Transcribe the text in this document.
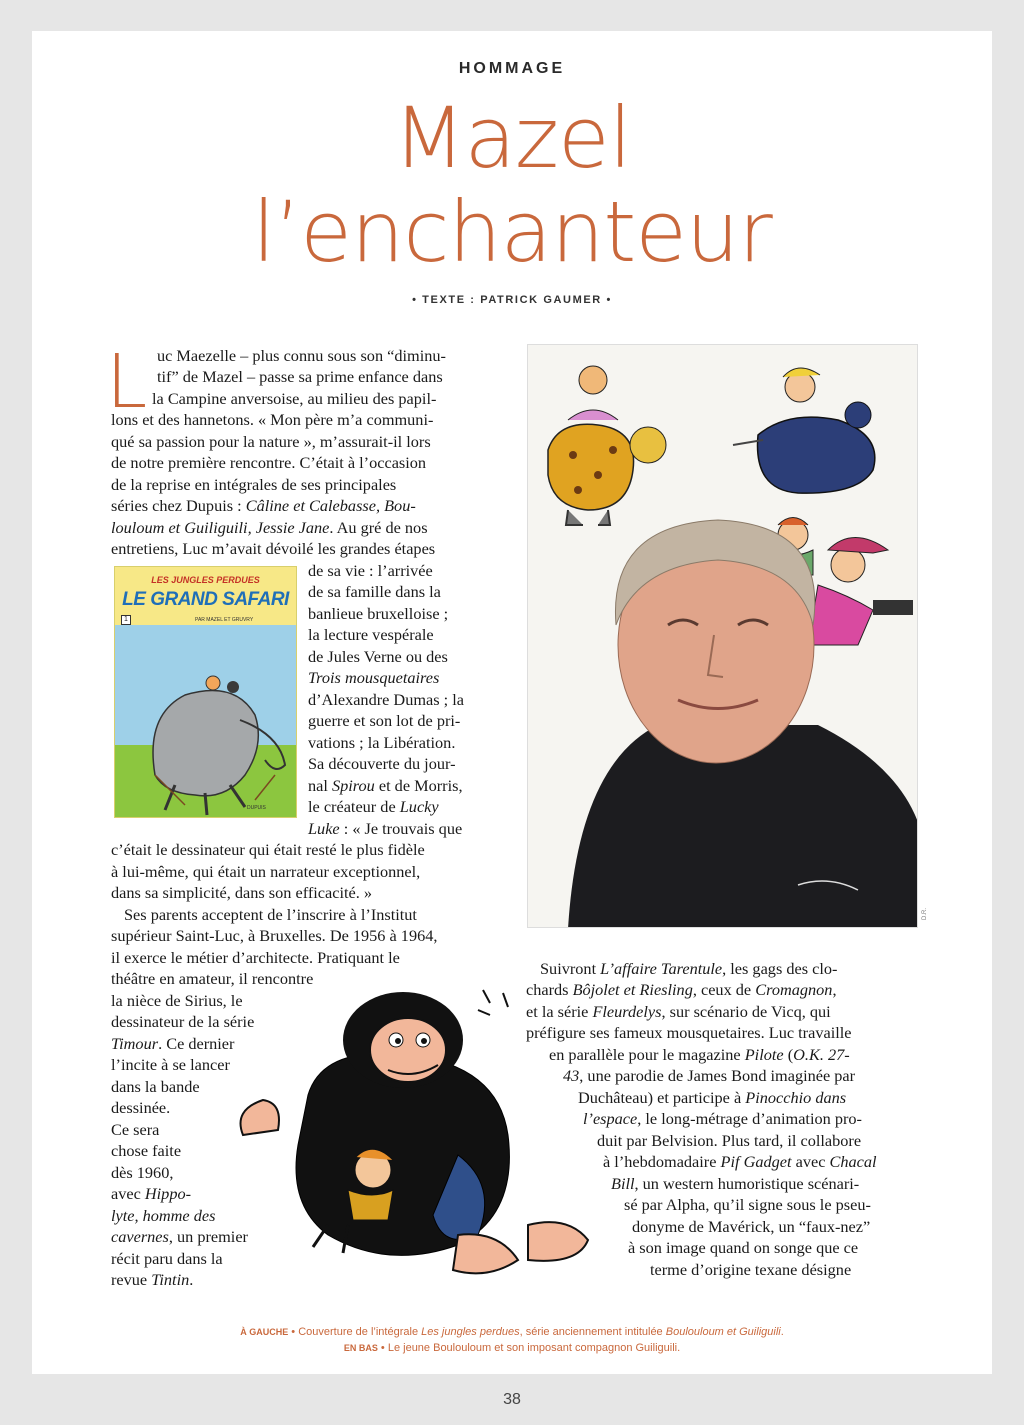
HOMMAGE
Mazel
l’enchanteur
• TEXTE : PATRICK GAUMER •
L uc Maezelle – plus connu sous son “diminu-
tif” de Mazel – passe sa prime enfance dans
la Campine anversoise, au milieu des papil-
lons et des hannetons. « Mon père m’a communi-
qué sa passion pour la nature », m’assurait-il lors
de notre première rencontre. C’était à l’occasion
de la reprise en intégrales de ses principales
séries chez Dupuis : Câline et Calebasse, Bou-
louloum et Guiliguili, Jessie Jane. Au gré de nos
entretiens, Luc m’avait dévoilé les grandes étapes
de sa vie : l’arrivée
de sa famille dans la
banlieue bruxelloise ;
la lecture vespérale
de Jules Verne ou des
Trois mousquetaires
d’Alexandre Dumas ; la
guerre et son lot de pri-
vations ; la Libération.
Sa découverte du jour-
nal Spirou et de Morris,
le créateur de Lucky
Luke : « Je trouvais que
c’était le dessinateur qui était resté le plus fidèle
à lui-même, qui était un narrateur exceptionnel,
dans sa simplicité, dans son efficacité. »
Ses parents acceptent de l’inscrire à l’Institut
supérieur Saint-Luc, à Bruxelles. De 1956 à 1964,
il exerce le métier d’architecte. Pratiquant le
théâtre en amateur, il rencontre
la nièce de Sirius, le
dessinateur de la série
Timour. Ce dernier
l’incite à se lancer
dans la bande
dessinée.
Ce sera
chose faite
dès 1960,
avec Hippo-
lyte, homme des
cavernes, un premier
récit paru dans la
revue Tintin.
LES JUNGLES PERDUES
LE GRAND SAFARI
1	PAR MAZEL ET GRUVRY
DUPUIS
D.R.
Suivront L’affaire Tarentule, les gags des clo-
chards Bôjolet et Riesling, ceux de Cromagnon,
et la série Fleurdelys, sur scénario de Vicq, qui
préfigure ses fameux mousquetaires. Luc travaille
en parallèle pour le magazine Pilote (O.K. 27-
43, une parodie de James Bond imaginée par
Duchâteau) et participe à Pinocchio dans
l’espace, le long-métrage d’animation pro-
duit par Belvision. Plus tard, il collabore
à l’hebdomadaire Pif Gadget avec Chacal
Bill, un western humoristique scénari-
sé par Alpha, qu’il signe sous le pseu-
donyme de Mavérick, un “faux-nez”
à son image quand on songe que ce
terme d’origine texane désigne
À GAUCHE • Couverture de l’intégrale Les jungles perdues, série anciennement intitulée Boulouloum et Guiliguili.
EN BAS • Le jeune Boulouloum et son imposant compagnon Guiliguili.
38
